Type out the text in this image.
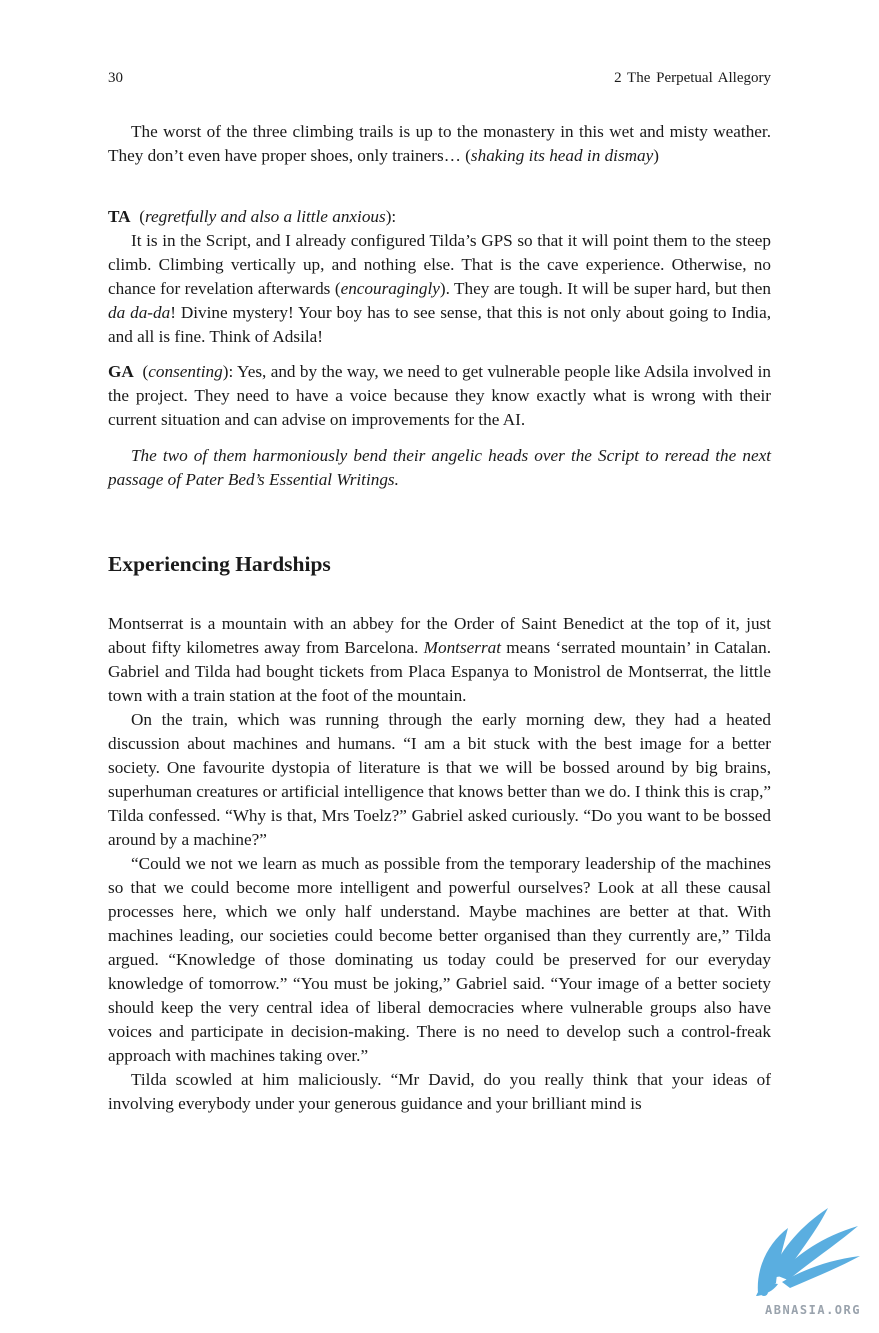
30	2 The Perpetual Allegory

The worst of the three climbing trails is up to the monastery in this wet and misty weather. They don’t even have proper shoes, only trainers… (shaking its head in dismay)

TA  (regretfully and also a little anxious):

It is in the Script, and I already configured Tilda’s GPS so that it will point them to the steep climb. Climbing vertically up, and nothing else. That is the cave experience. Otherwise, no chance for revelation afterwards (encouragingly). They are tough. It will be super hard, but then da da-da! Divine mystery! Your boy has to see sense, that this is not only about going to India, and all is fine. Think of Adsila!

GA  (consenting): Yes, and by the way, we need to get vulnerable people like Adsila involved in the project. They need to have a voice because they know exactly what is wrong with their current situation and can advise on improvements for the AI.

The two of them harmoniously bend their angelic heads over the Script to reread the next passage of Pater Bed’s Essential Writings.

Experiencing Hardships

Montserrat is a mountain with an abbey for the Order of Saint Benedict at the top of it, just about fifty kilometres away from Barcelona. Montserrat means ‘serrated mountain’ in Catalan. Gabriel and Tilda had bought tickets from Placa Espanya to Monistrol de Montserrat, the little town with a train station at the foot of the mountain.

On the train, which was running through the early morning dew, they had a heated discussion about machines and humans. “I am a bit stuck with the best image for a better society. One favourite dystopia of literature is that we will be bossed around by big brains, superhuman creatures or artificial intelligence that knows better than we do. I think this is crap,” Tilda confessed. “Why is that, Mrs Toelz?” Gabriel asked curiously. “Do you want to be bossed around by a machine?”

“Could we not we learn as much as possible from the temporary leadership of the machines so that we could become more intelligent and powerful ourselves? Look at all these causal processes here, which we only half understand. Maybe machines are better at that. With machines leading, our societies could become better organised than they currently are,” Tilda argued. “Knowledge of those dominating us today could be preserved for our everyday knowledge of tomorrow.” “You must be joking,” Gabriel said. “Your image of a better society should keep the very central idea of liberal democracies where vulnerable groups also have voices and participate in decision-making. There is no need to develop such a control-freak approach with machines taking over.”

Tilda scowled at him maliciously. “Mr David, do you really think that your ideas of involving everybody under your generous guidance and your brilliant mind is

ABNASIA.ORG
